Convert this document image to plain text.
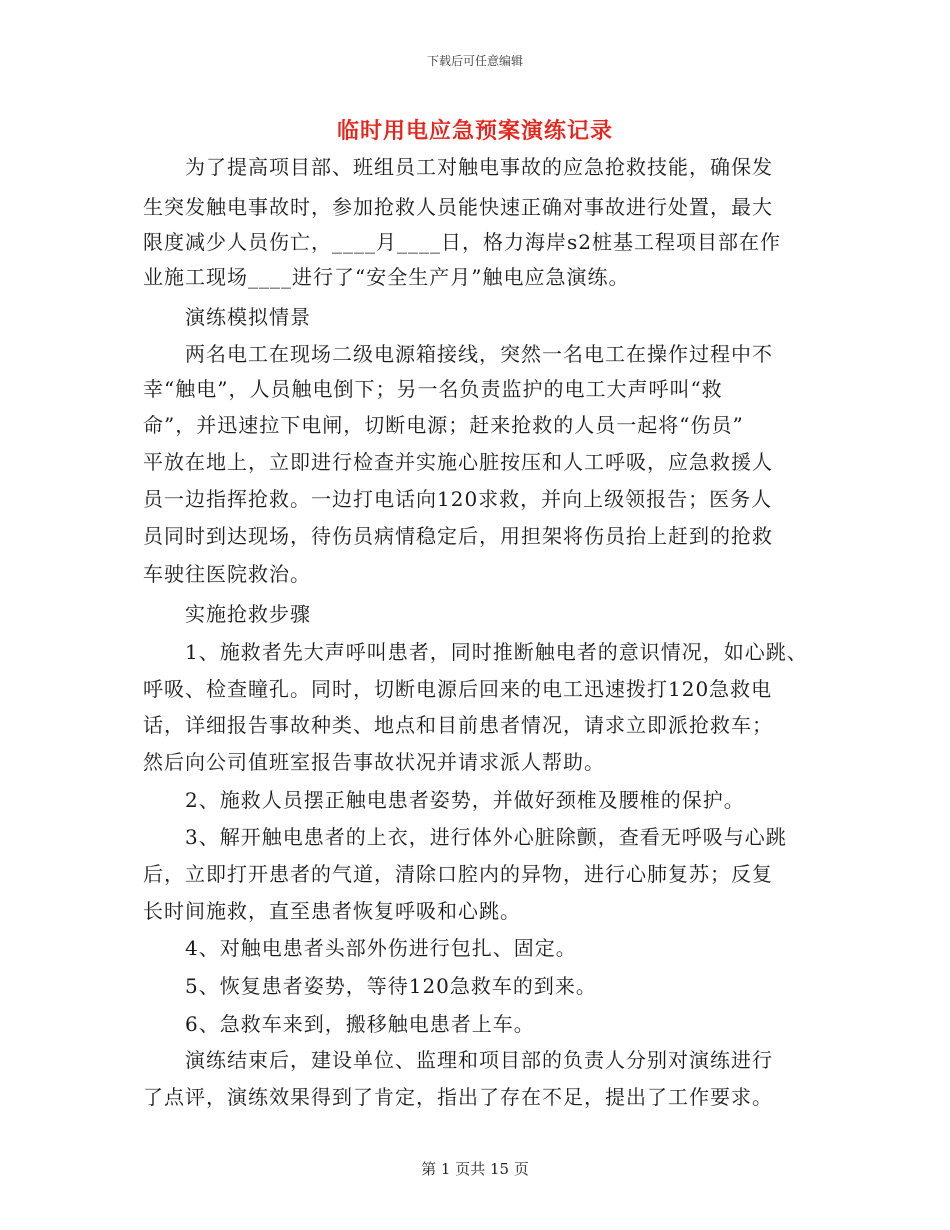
下载后可任意编辑
临时用电应急预案演练记录
　　为了提高项目部、班组员工对触电事故的应急抢救技能，确保发
生突发触电事故时，参加抢救人员能快速正确对事故进行处置，最大
限度减少人员伤亡，____月____日，格力海岸s2桩基工程项目部在作
业施工现场____进行了“安全生产月”触电应急演练。
　　演练模拟情景
　　两名电工在现场二级电源箱接线，突然一名电工在操作过程中不
幸“触电”，人员触电倒下；另一名负责监护的电工大声呼叫“救
命”，并迅速拉下电闸，切断电源；赶来抢救的人员一起将“伤员”
平放在地上，立即进行检查并实施心脏按压和人工呼吸，应急救援人
员一边指挥抢救。一边打电话向120求救，并向上级领报告；医务人
员同时到达现场，待伤员病情稳定后，用担架将伤员抬上赶到的抢救
车驶往医院救治。
　　实施抢救步骤
　　1、施救者先大声呼叫患者，同时推断触电者的意识情况，如心跳、
呼吸、检查瞳孔。同时，切断电源后回来的电工迅速拨打120急救电
话，详细报告事故种类、地点和目前患者情况，请求立即派抢救车；
然后向公司值班室报告事故状况并请求派人帮助。
　　2、施救人员摆正触电患者姿势，并做好颈椎及腰椎的保护。
　　3、解开触电患者的上衣，进行体外心脏除颤，查看无呼吸与心跳
后，立即打开患者的气道，清除口腔内的异物，进行心肺复苏；反复
长时间施救，直至患者恢复呼吸和心跳。
　　4、对触电患者头部外伤进行包扎、固定。
　　5、恢复患者姿势，等待120急救车的到来。
　　6、急救车来到，搬移触电患者上车。
　　演练结束后，建设单位、监理和项目部的负责人分别对演练进行
了点评，演练效果得到了肯定，指出了存在不足，提出了工作要求。
第 1 页共 15 页
